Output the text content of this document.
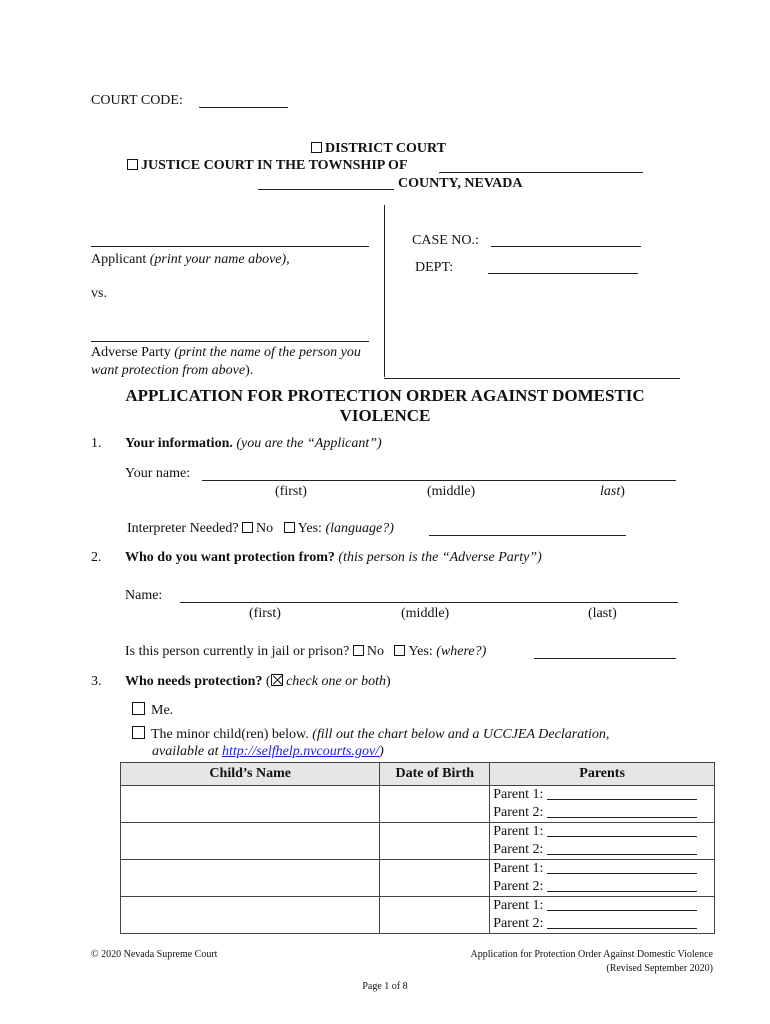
COURT CODE:
DISTRICT COURT
JUSTICE COURT IN THE TOWNSHIP OF
COUNTY, NEVADA
Applicant (print your name above),
vs.
Adverse Party (print the name of the person you
want protection from above).
CASE NO.:
DEPT:
APPLICATION FOR PROTECTION ORDER AGAINST DOMESTIC
VIOLENCE
1. Your information. (you are the “Applicant”)
Your name:
(first)	(middle)	last)
Interpreter Needed? No Yes: (language?)
2. Who do you want protection from? (this person is the “Adverse Party”)
Name:
(first)	(middle)	(last)
Is this person currently in jail or prison? No Yes: (where?)
3. Who needs protection? ( check one or both)
Me.
The minor child(ren) below. (fill out the chart below and a UCCJEA Declaration,
available at http://selfhelp.nvcourts.gov/)
Child’s Name	Date of Birth	Parents

		Parent 1:
Parent 2:

		Parent 1:
Parent 2:

		Parent 1:
Parent 2:

		Parent 1:
Parent 2:
© 2020 Nevada Supreme Court	Application for Protection Order Against Domestic Violence
(Revised September 2020)
Page 1 of 8
